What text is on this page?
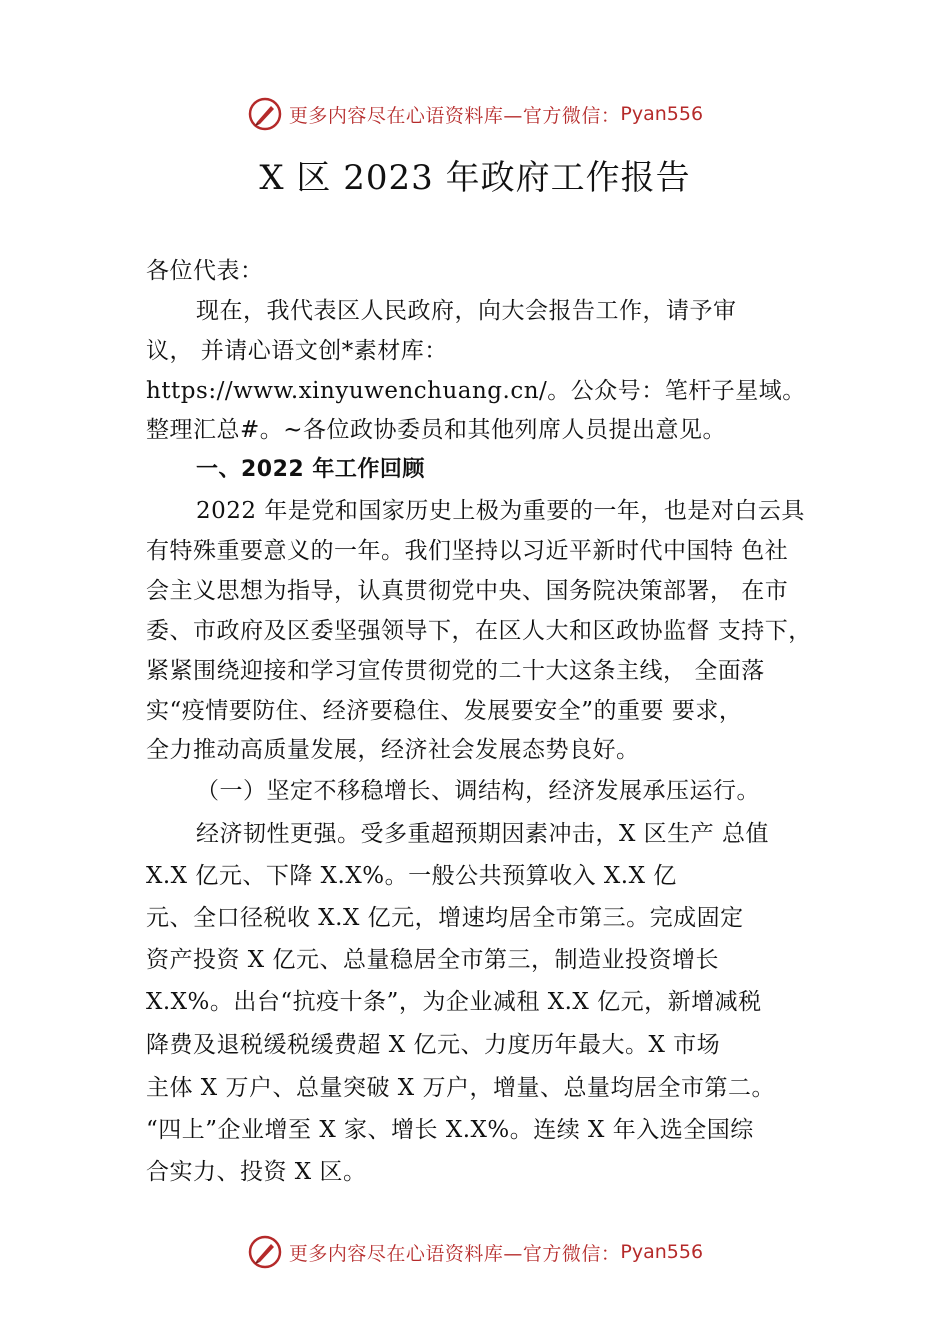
更多内容尽在心语资料库—官方微信： Pyan556
X 区 2023 年政府工作报告
各位代表：
现在，我代表区人民政府，向大会报告工作，请予审
议， 并请心语文创*素材库：
https://www.xinyuwenchuang.cn/。公众号：笔杆子星域。
整理汇总#。~各位政协委员和其他列席人员提出意见。
一、2022 年工作回顾
2022 年是党和国家历史上极为重要的一年，也是对白云具
有特殊重要意义的一年。我们坚持以习近平新时代中国特 色社
会主义思想为指导，认真贯彻党中央、国务院决策部署， 在市
委、市政府及区委坚强领导下，在区人大和区政协监督 支持下，
紧紧围绕迎接和学习宣传贯彻党的二十大这条主线， 全面落
实“疫情要防住、经济要稳住、发展要安全”的重要 要求，
全力推动高质量发展，经济社会发展态势良好。
（一）坚定不移稳增长、调结构，经济发展承压运行。
经济韧性更强。受多重超预期因素冲击，X 区生产 总值
X.X 亿元、下降 X.X%。一般公共预算收入 X.X 亿
元、全口径税收 X.X 亿元，增速均居全市第三。完成固定
资产投资 X 亿元、总量稳居全市第三，制造业投资增长
X.X%。出台“抗疫十条”，为企业减租 X.X 亿元，新增减税
降费及退税缓税缓费超 X 亿元、力度历年最大。X 市场
主体 X 万户、总量突破 X 万户，增量、总量均居全市第二。
“四上”企业增至 X 家、增长 X.X%。连续 X 年入选全国综
合实力、投资 X 区。
更多内容尽在心语资料库—官方微信： Pyan556
